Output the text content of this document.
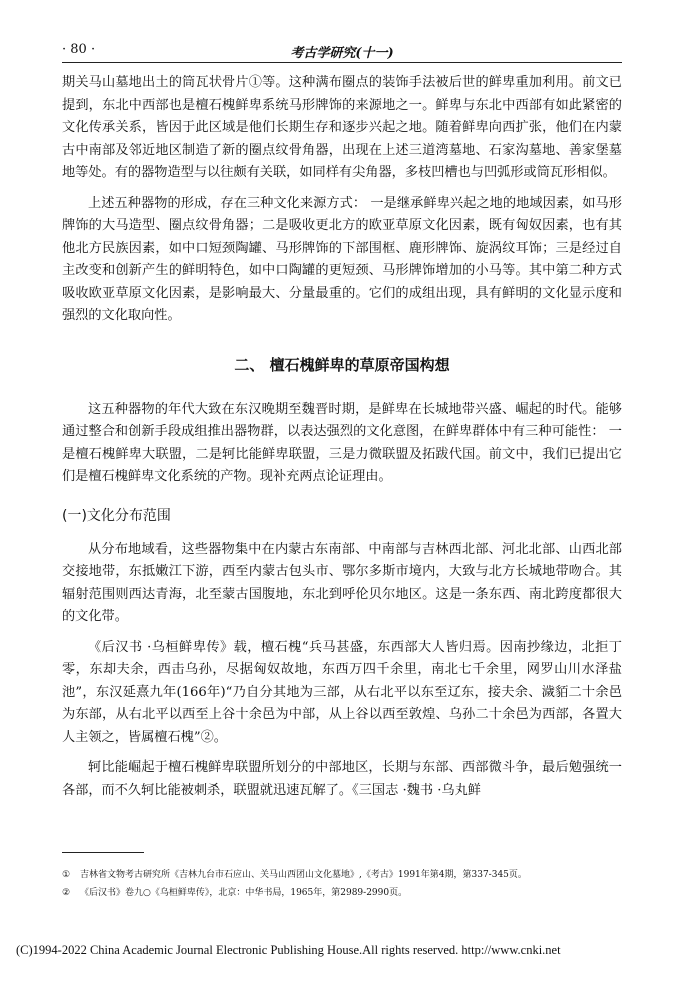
· 80 ·	考古学研究(十一)

期关马山墓地出土的筒瓦状骨片①等。这种满布圈点的装饰手法被后世的鲜卑重加利用。前文已提到，东北中西部也是檀石槐鲜卑系统马形牌饰的来源地之一。鲜卑与东北中西部有如此紧密的文化传承关系，皆因于此区域是他们长期生存和逐步兴起之地。随着鲜卑向西扩张，他们在内蒙古中南部及邻近地区制造了新的圈点纹骨角器，出现在上述三道湾墓地、石家沟墓地、善家堡墓地等处。有的器物造型与以往颇有关联，如同样有尖角器，多枝凹槽也与凹弧形或筒瓦形相似。

上述五种器物的形成，存在三种文化来源方式： 一是继承鲜卑兴起之地的地域因素，如马形牌饰的大马造型、圈点纹骨角器；二是吸收更北方的欧亚草原文化因素，既有匈奴因素，也有其他北方民族因素，如中口短颈陶罐、马形牌饰的下部围框、鹿形牌饰、旋涡纹耳饰；三是经过自主改变和创新产生的鲜明特色，如中口陶罐的更短颈、马形牌饰增加的小马等。其中第二种方式吸收欧亚草原文化因素，是影响最大、分量最重的。它们的成组出现，具有鲜明的文化显示度和强烈的文化取向性。

二、 檀石槐鲜卑的草原帝国构想

这五种器物的年代大致在东汉晚期至魏晋时期，是鲜卑在长城地带兴盛、崛起的时代。能够通过整合和创新手段成组推出器物群，以表达强烈的文化意图，在鲜卑群体中有三种可能性： 一是檀石槐鲜卑大联盟，二是轲比能鲜卑联盟，三是力微联盟及拓跋代国。前文中，我们已提出它们是檀石槐鲜卑文化系统的产物。现补充两点论证理由。

(一)文化分布范围

从分布地域看，这些器物集中在内蒙古东南部、中南部与吉林西北部、河北北部、山西北部交接地带，东抵嫩江下游，西至内蒙古包头市、鄂尔多斯市境内，大致与北方长城地带吻合。其辐射范围则西达青海，北至蒙古国腹地，东北到呼伦贝尔地区。这是一条东西、南北跨度都很大的文化带。

《后汉书 ·乌桓鲜卑传》载，檀石槐“兵马甚盛，东西部大人皆归焉。因南抄缘边，北拒丁零，东却夫余，西击乌孙，尽据匈奴故地，东西万四千余里，南北七千余里，网罗山川水泽盐池”，东汉延熹九年(166年)“乃自分其地为三部，从右北平以东至辽东，接夫余、濊貊二十余邑为东部，从右北平以西至上谷十余邑为中部，从上谷以西至敦煌、乌孙二十余邑为西部，各置大人主领之，皆属檀石槐”②。

轲比能崛起于檀石槐鲜卑联盟所划分的中部地区，长期与东部、西部微斗争，最后勉强统一各部，而不久轲比能被刺杀，联盟就迅速瓦解了。《三国志 ·魏书 ·乌丸鲜

① 吉林省文物考古研究所《吉林九台市石应山、关马山西团山文化墓地》,《考古》1991年第4期，第337-345页。
② 《后汉书》卷九○《乌桓鲜卑传》，北京：中华书局，1965年，第2989-2990页。
(C)1994-2022 China Academic Journal Electronic Publishing House.All rights reserved. http://www.cnki.net
